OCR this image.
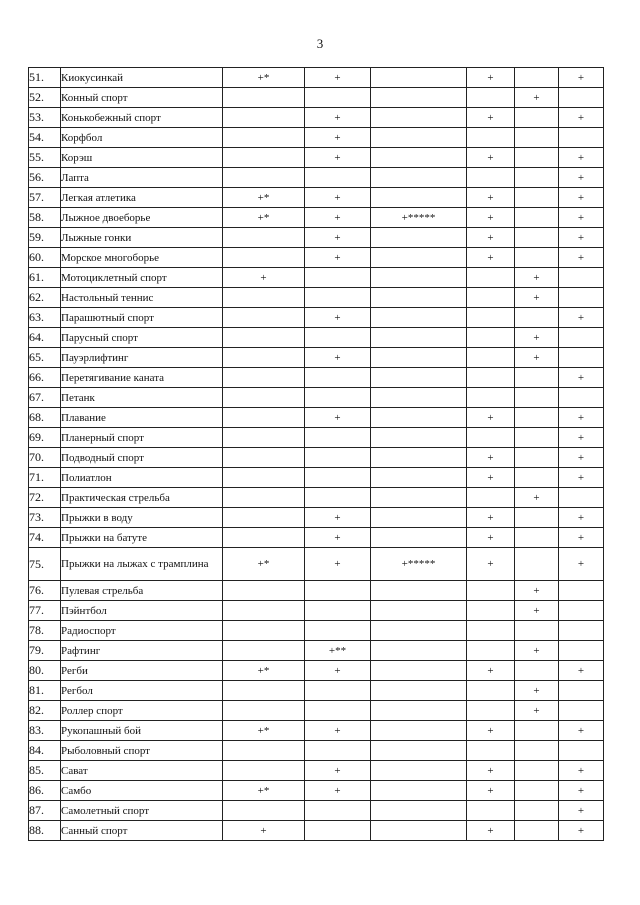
3
51.	Киокусинкай	+*	+		+		+
52.	Конный спорт					+	
53.	Конькобежный спорт		+		+		+
54.	Корфбол		+				
55.	Корэш		+		+		+
56.	Лапта						+
57.	Легкая атлетика	+*	+		+		+
58.	Лыжное двоеборье	+*	+	+*****	+		+
59.	Лыжные гонки		+		+		+
60.	Морское многоборье		+		+		+
61.	Мотоциклетный спорт	+				+	
62.	Настольный теннис					+	
63.	Парашютный спорт		+				+
64.	Парусный спорт					+	
65.	Пауэрлифтинг		+			+	
66.	Перетягивание каната						+
67.	Петанк						
68.	Плавание		+		+		+
69.	Планерный спорт						+
70.	Подводный спорт				+		+
71.	Полиатлон				+		+
72.	Практическая стрельба					+	
73.	Прыжки в воду		+		+		+
74.	Прыжки на батуте		+		+		+
75.	Прыжки на лыжах с трамплина	+*	+	+*****	+		+
76.	Пулевая стрельба					+	
77.	Пэйнтбол					+	
78.	Радиоспорт						
79.	Рафтинг		+**			+	
80.	Регби	+*	+		+		+
81.	Регбол					+	
82.	Роллер спорт					+	
83.	Рукопашный бой	+*	+		+		+
84.	Рыболовный спорт						
85.	Сават		+		+		+
86.	Самбо	+*	+		+		+
87.	Самолетный спорт						+
88.	Санный спорт	+			+		+
